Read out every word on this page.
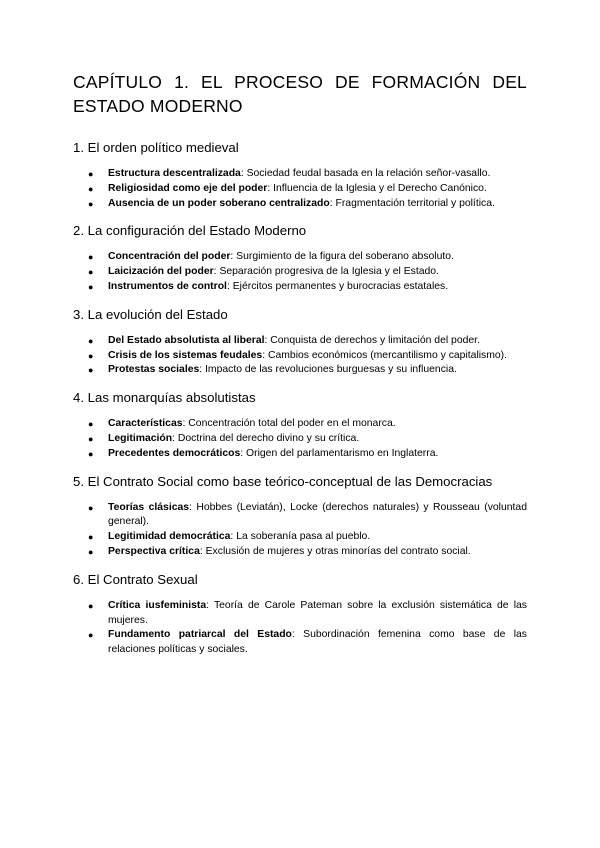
CAPÍTULO 1. EL PROCESO DE FORMACIÓN DEL ESTADO MODERNO
1. El orden político medieval
● Estructura descentralizada: Sociedad feudal basada en la relación señor-vasallo.
● Religiosidad como eje del poder: Influencia de la Iglesia y el Derecho Canónico.
● Ausencia de un poder soberano centralizado: Fragmentación territorial y política.
2. La configuración del Estado Moderno
● Concentración del poder: Surgimiento de la figura del soberano absoluto.
● Laicización del poder: Separación progresiva de la Iglesia y el Estado.
● Instrumentos de control: Ejércitos permanentes y burocracias estatales.
3. La evolución del Estado
● Del Estado absolutista al liberal: Conquista de derechos y limitación del poder.
● Crisis de los sistemas feudales: Cambios económicos (mercantilismo y capitalismo).
● Protestas sociales: Impacto de las revoluciones burguesas y su influencia.
4. Las monarquías absolutistas
● Características: Concentración total del poder en el monarca.
● Legitimación: Doctrina del derecho divino y su crítica.
● Precedentes democráticos: Origen del parlamentarismo en Inglaterra.
5. El Contrato Social como base teórico-conceptual de las Democracias
● Teorías clásicas: Hobbes (Leviatán), Locke (derechos naturales) y Rousseau (voluntad general).
● Legitimidad democrática: La soberanía pasa al pueblo.
● Perspectiva crítica: Exclusión de mujeres y otras minorías del contrato social.
6. El Contrato Sexual
● Crítica iusfeminista: Teoría de Carole Pateman sobre la exclusión sistemática de las mujeres.
● Fundamento patriarcal del Estado: Subordinación femenina como base de las relaciones políticas y sociales.
